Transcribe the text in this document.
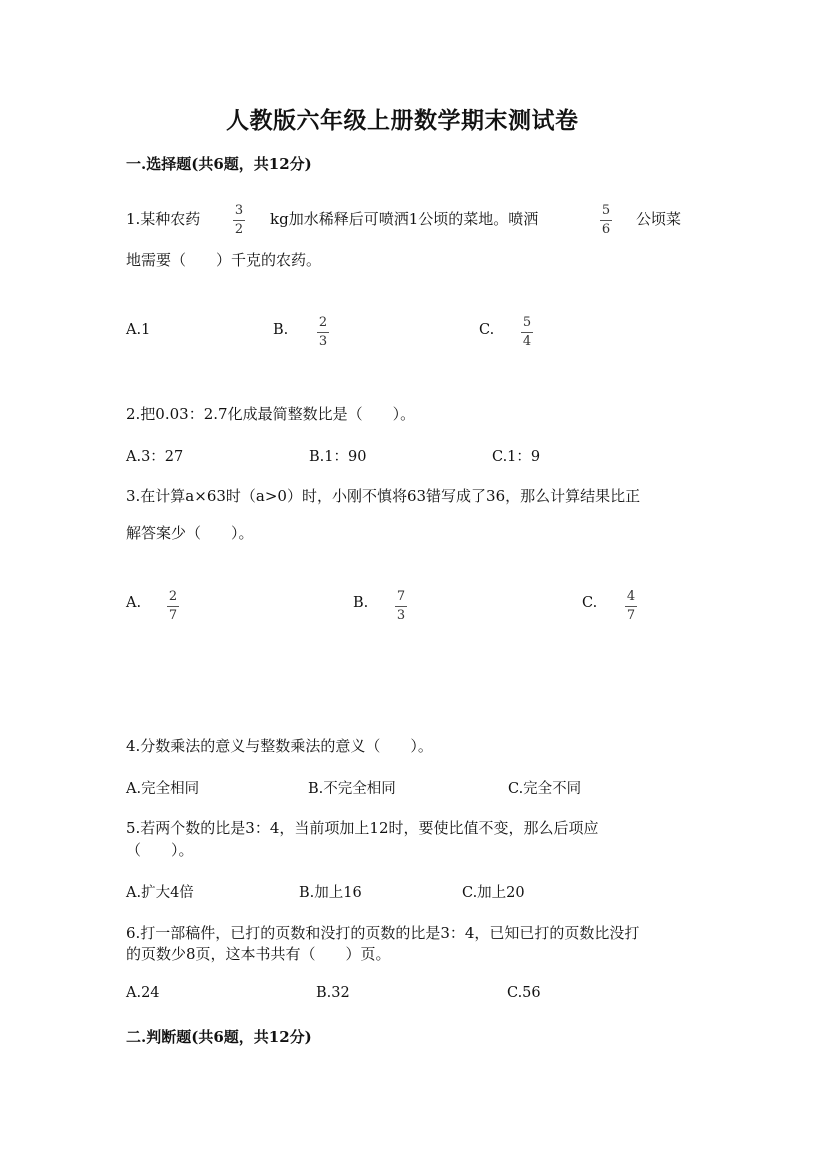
人教版六年级上册数学期末测试卷
一.选择题(共6题，共12分)
1.某种农药	3
2
kg加水稀释后可喷洒1公顷的菜地。喷洒	5
6
公顷菜
地需要（　　）千克的农药。
A.1	B. 2
3
C. 5
4
2.把0.03：2.7化成最简整数比是（　　）。
A.3：27	B.1：90	C.1：9
3.在计算a×63时（a>0）时，小刚不慎将63错写成了36，那么计算结果比正
解答案少（　　）。
A. 2
7
B. 7
3
C. 4
7
4.分数乘法的意义与整数乘法的意义（　　）。
A.完全相同	B.不完全相同	C.完全不同
5.若两个数的比是3：4，当前项加上12时，要使比值不变，那么后项应
（　　）。
A.扩大4倍	B.加上16	C.加上20
6.打一部稿件，已打的页数和没打的页数的比是3：4，已知已打的页数比没打
的页数少8页，这本书共有（　　）页。
A.24	B.32	C.56
二.判断题(共6题，共12分)
